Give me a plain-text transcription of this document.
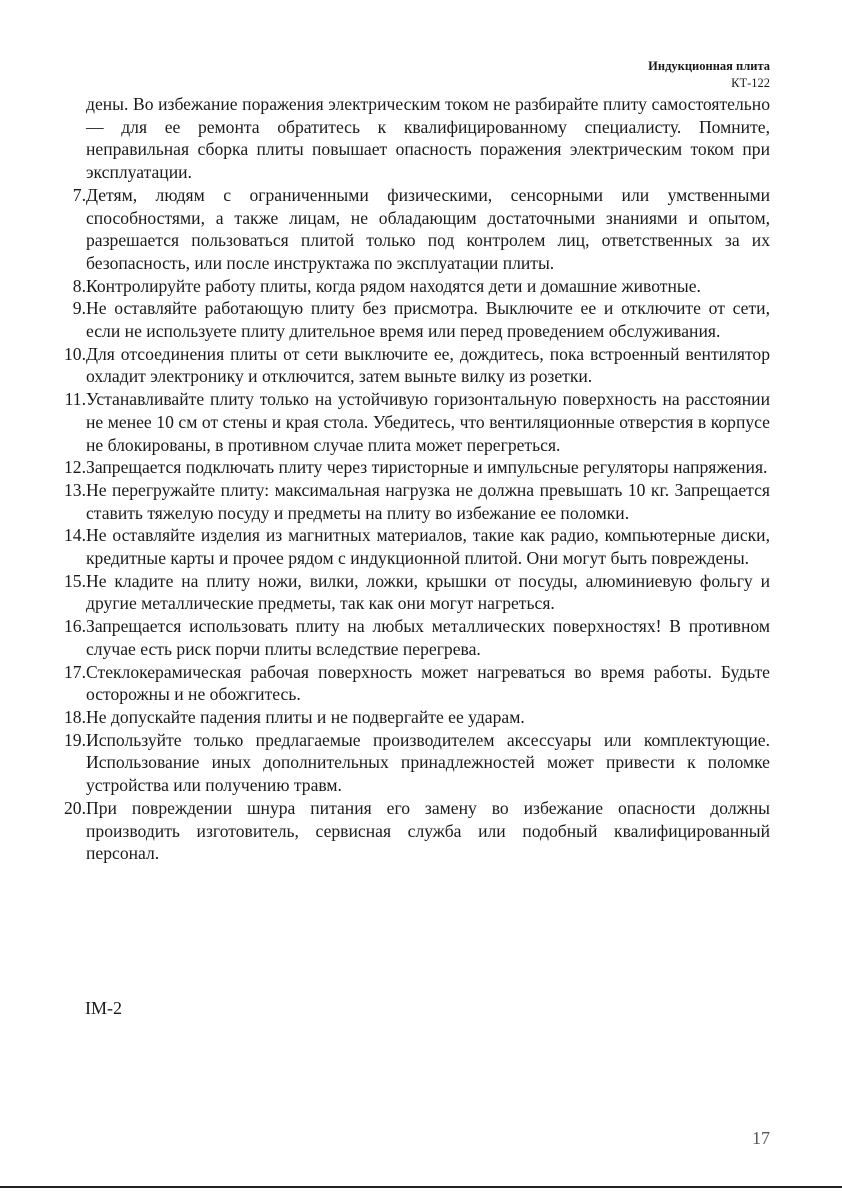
Индукционная плита
КТ-122
дены. Во избежание поражения электрическим током не разбирайте плиту самостоятельно — для ее ремонта обратитесь к квалифицированному специалисту. Помните, неправильная сборка плиты повышает опасность поражения электрическим током при эксплуатации.
7. Детям, людям с ограниченными физическими, сенсорными или умственными способностями, а также лицам, не обладающим достаточными знаниями и опытом, разрешается пользоваться плитой только под контролем лиц, ответственных за их безопасность, или после инструктажа по эксплуатации плиты.
8. Контролируйте работу плиты, когда рядом находятся дети и домашние животные.
9. Не оставляйте работающую плиту без присмотра. Выключите ее и отключите от сети, если не используете плиту длительное время или перед проведением обслуживания.
10. Для отсоединения плиты от сети выключите ее, дождитесь, пока встроенный вентилятор охладит электронику и отключится, затем выньте вилку из розетки.
11. Устанавливайте плиту только на устойчивую горизонтальную поверхность на расстоянии не менее 10 см от стены и края стола. Убедитесь, что вентиляционные отверстия в корпусе не блокированы, в противном случае плита может перегреться.
12. Запрещается подключать плиту через тиристорные и импульсные регуляторы напряжения.
13. Не перегружайте плиту: максимальная нагрузка не должна превышать 10 кг. Запрещается ставить тяжелую посуду и предметы на плиту во избежание ее поломки.
14. Не оставляйте изделия из магнитных материалов, такие как радио, компьютерные диски, кредитные карты и прочее рядом с индукционной плитой. Они могут быть повреждены.
15. Не кладите на плиту ножи, вилки, ложки, крышки от посуды, алюминиевую фольгу и другие металлические предметы, так как они могут нагреться.
16. Запрещается использовать плиту на любых металлических поверхностях! В противном случае есть риск порчи плиты вследствие перегрева.
17. Стеклокерамическая рабочая поверхность может нагреваться во время работы. Будьте осторожны и не обожгитесь.
18. Не допускайте падения плиты и не подвергайте ее ударам.
19. Используйте только предлагаемые производителем аксессуары или комплектующие. Использование иных дополнительных принадлежностей может привести к поломке устройства или получению травм.
20. При повреждении шнура питания его замену во избежание опасности должны производить изготовитель, сервисная служба или подобный квалифицированный персонал.
IM-2
17
